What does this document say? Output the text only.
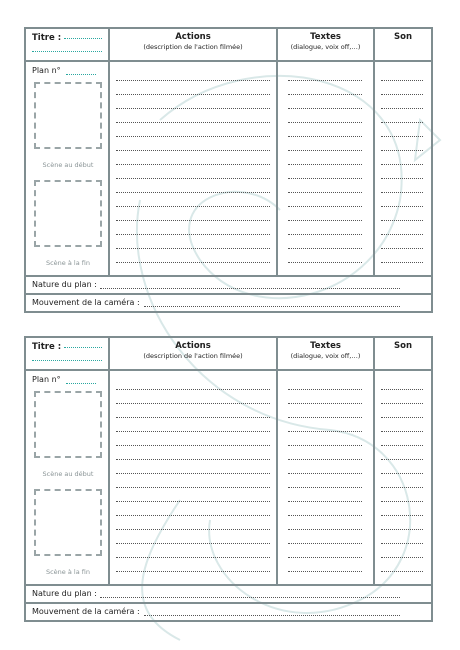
Titre :	Actions
(description de l'action filmée)
Textes
(dialogue, voix off,…)
Son
Plan n°
Scène au début
Scène à la fin
Nature du plan :
Mouvement de la caméra :
Titre :	Actions
(description de l'action filmée)
Textes
(dialogue, voix off,…)
Son
Plan n°
Scène au début
Scène à la fin
Nature du plan :
Mouvement de la caméra :
